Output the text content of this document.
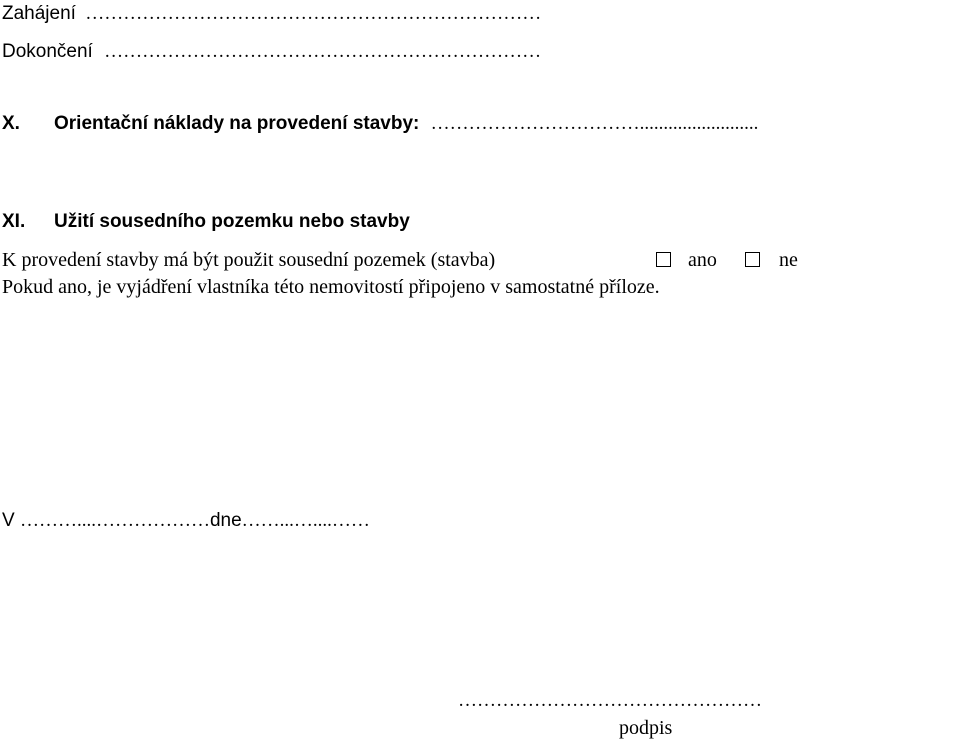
Zahájení ………………………………………………………………
Dokončení ……………………………………………………………
X. Orientační náklady na provedení stavby: …………………………….........................
XI. Užití sousedního pozemku nebo stavby
K provedení stavby má být použit sousední pozemek (stavba)	ano	ne
Pokud ano, je vyjádření vlastníka této nemovitostí připojeno v samostatné příloze.
V ………....………………dne……...…....……
…………………………………………
podpis
